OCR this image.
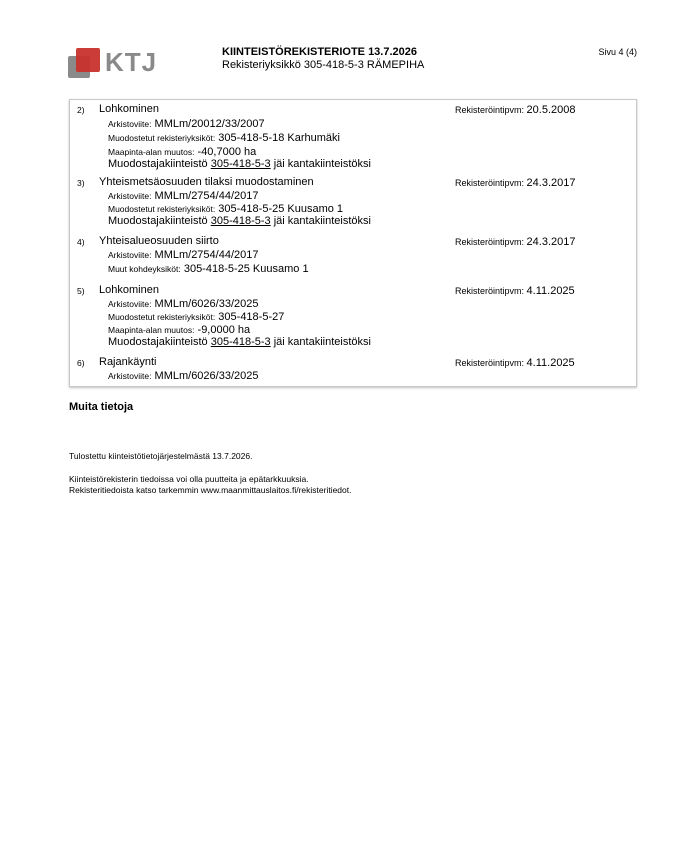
KTJ	KIINTEISTÖREKISTERIOTE 13.7.2026
Rekisteriyksikkö 305-418-5-3 RÄMEPIHA
Sivu 4 (4)
2) Lohkominen	Rekisteröintipvm: 20.5.2008
Arkistoviite: MMLm/20012/33/2007
Muodostetut rekisteriyksiköt: 305-418-5-18 Karhumäki
Maapinta-alan muutos: -40,7000 ha
Muodostajakiinteistö 305-418-5-3 jäi kantakiinteistöksi
3) Yhteismetsäosuuden tilaksi muodostaminen	Rekisteröintipvm: 24.3.2017
Arkistoviite: MMLm/2754/44/2017
Muodostetut rekisteriyksiköt: 305-418-5-25 Kuusamo 1
Muodostajakiinteistö 305-418-5-3 jäi kantakiinteistöksi
4) Yhteisalueosuuden siirto	Rekisteröintipvm: 24.3.2017
Arkistoviite: MMLm/2754/44/2017
Muut kohdeyksiköt: 305-418-5-25 Kuusamo 1
5) Lohkominen	Rekisteröintipvm: 4.11.2025
Arkistoviite: MMLm/6026/33/2025
Muodostetut rekisteriyksiköt: 305-418-5-27
Maapinta-alan muutos: -9,0000 ha
Muodostajakiinteistö 305-418-5-3 jäi kantakiinteistöksi
6) Rajankäynti	Rekisteröintipvm: 4.11.2025
Arkistoviite: MMLm/6026/33/2025
Muita tietoja
Tulostettu kiinteistötietojärjestelmästä 13.7.2026.
Kiinteistörekisterin tiedoissa voi olla puutteita ja epätarkkuuksia.
Rekisteritiedoista katso tarkemmin www.maanmittauslaitos.fi/rekisteritiedot.
